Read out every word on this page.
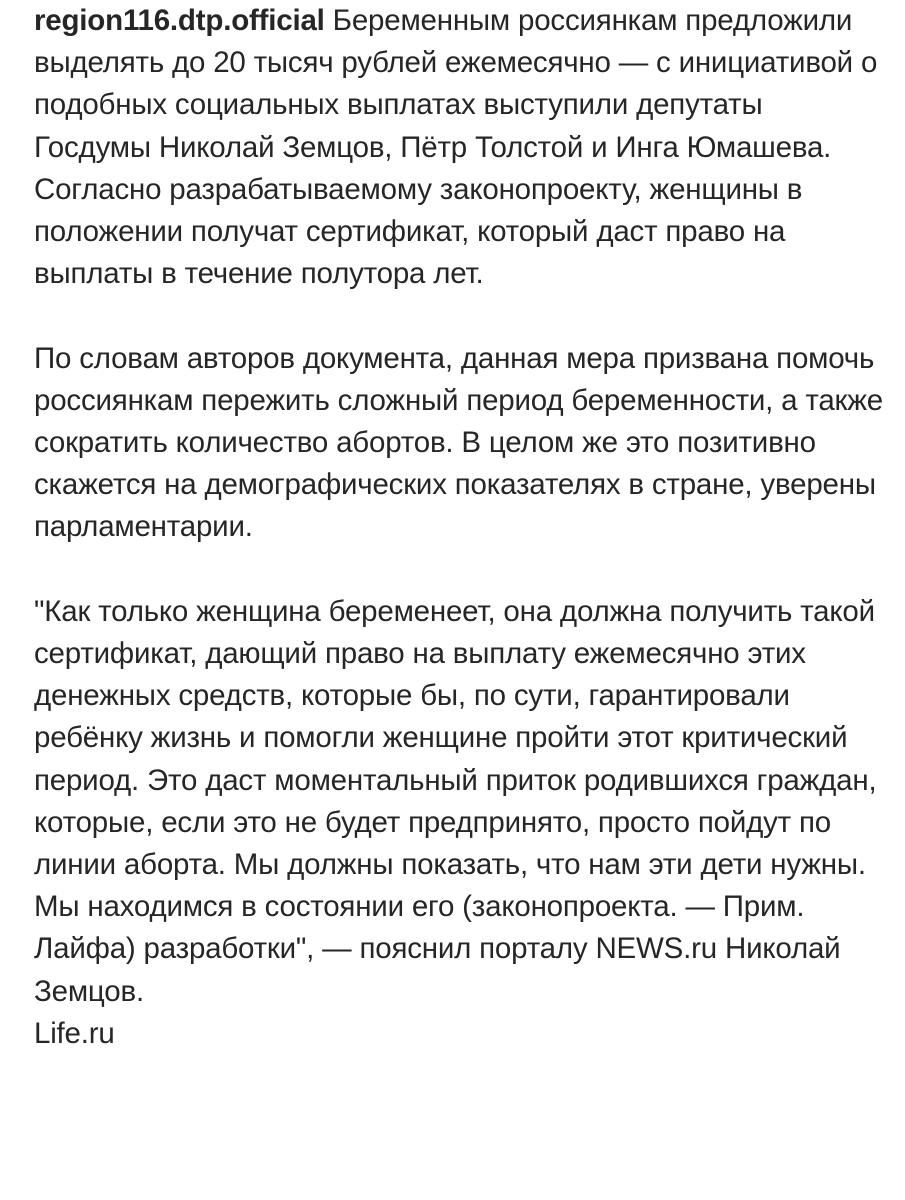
region116.dtp.official Беременным россиянкам предложили выделять до 20 тысяч рублей ежемесячно — с инициативой о подобных социальных выплатах выступили депутаты Госдумы Николай Земцов, Пётр Толстой и Инга Юмашева. Согласно разрабатываемому законопроекту, женщины в положении получат сертификат, который даст право на выплаты в течение полутора лет.

По словам авторов документа, данная мера призвана помочь россиянкам пережить сложный период беременности, а также сократить количество абортов. В целом же это позитивно скажется на демографических показателях в стране, уверены парламентарии.

"Как только женщина беременеет, она должна получить такой сертификат, дающий право на выплату ежемесячно этих денежных средств, которые бы, по сути, гарантировали ребёнку жизнь и помогли женщине пройти этот критический период. Это даст моментальный приток родившихся граждан, которые, если это не будет предпринято, просто пойдут по линии аборта. Мы должны показать, что нам эти дети нужны. Мы находимся в состоянии его (законопроекта. — Прим. Лайфа) разработки", — пояснил порталу NEWS.ru Николай Земцов.

Life.ru
